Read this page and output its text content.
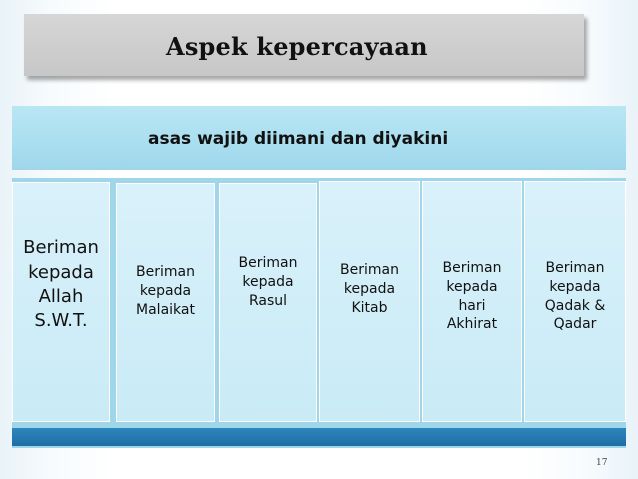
Aspek kepercayaan
asas wajib diimani dan diyakini
Beriman
kepada
Allah
S.W.T.
Beriman
kepada
Malaikat
Beriman
kepada
Rasul
Beriman
kepada
Kitab
Beriman
kepada
hari
Akhirat
Beriman
kepada
Qadak &
Qadar
17
